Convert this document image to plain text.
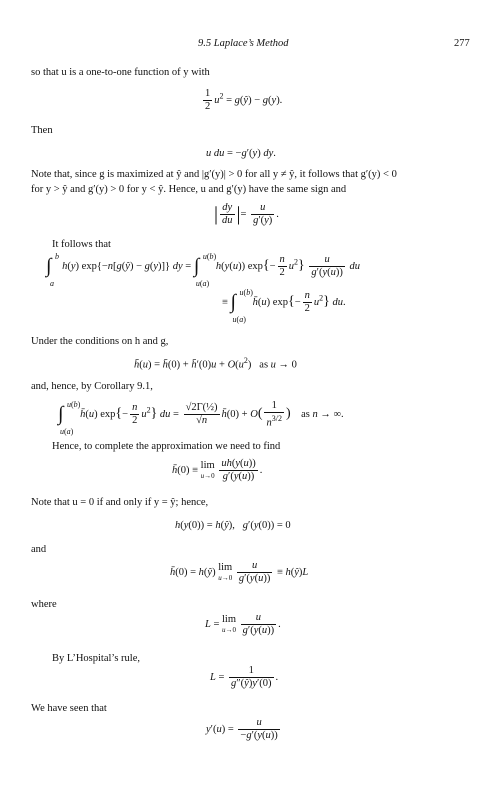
9.5 Laplace’s Method	277
so that u is a one-to-one function of y with
$\frac{1}{2} u^2$ = g(ŷ) − g(y).
Then
u du = −g′(y) dy.
Note that, since g is maximized at ŷ and |g′(y)| > 0 for all y ≠ ŷ, it follows that g′(y) < 0
for y > ŷ and g′(y) > 0 for y < ŷ. Hence, u and g′(y) have the same sign and
| $\frac{dy}{du}$ |= $\frac{u}{g'(y)}$ .
It follows that
∫ b
a
h(y) exp{−n[g(ŷ) − g(y)]} dy = ∫ u(b)
u(a)
h(y(u)) $\exp\{- \frac{n}{2} u^2\} \frac{u}{g'(y(u))}$ du
≡ ∫ u(b)
u(a)
h̄(u) $\exp\{- \frac{n}{2} u^2\}$ du.
Under the conditions on h and g,
h̄(u) = h̄(0) + h̄′(0)u + $O(u^2)$   as u → 0
and, hence, by Corollary 9.1,
∫ u(b)
u(a)
h̄(u) $\exp\{- \frac{n}{2} u^2\}$ du = $\frac{\text{√2Γ(½)}}{√n}$ h̄(0) + $O( \frac{1}{n^{3/2}}$ )    as n → ∞.
Hence, to complete the approximation we need to find
h̄(0) ≡ lim
u→0
$\frac{uh(y(u))}{g'(y(u))}$ .
Note that u = 0 if and only if y = ŷ; hence,
h(y(0)) = h(ŷ),   g′(y(0)) = 0
and
h̄(0) = h(ŷ) lim
u→0
$\frac{u}{g'(y(u))}$ ≡ h(ŷ)L
where
L = lim
u→0
$\frac{u}{g'(y(u))}$ .
By L’Hospital’s rule,
$L = \frac{1}{g''(ŷ)y'(0)}$ .
We have seen that
$y'(u) = \frac{u}{-g'(y(u))}$
